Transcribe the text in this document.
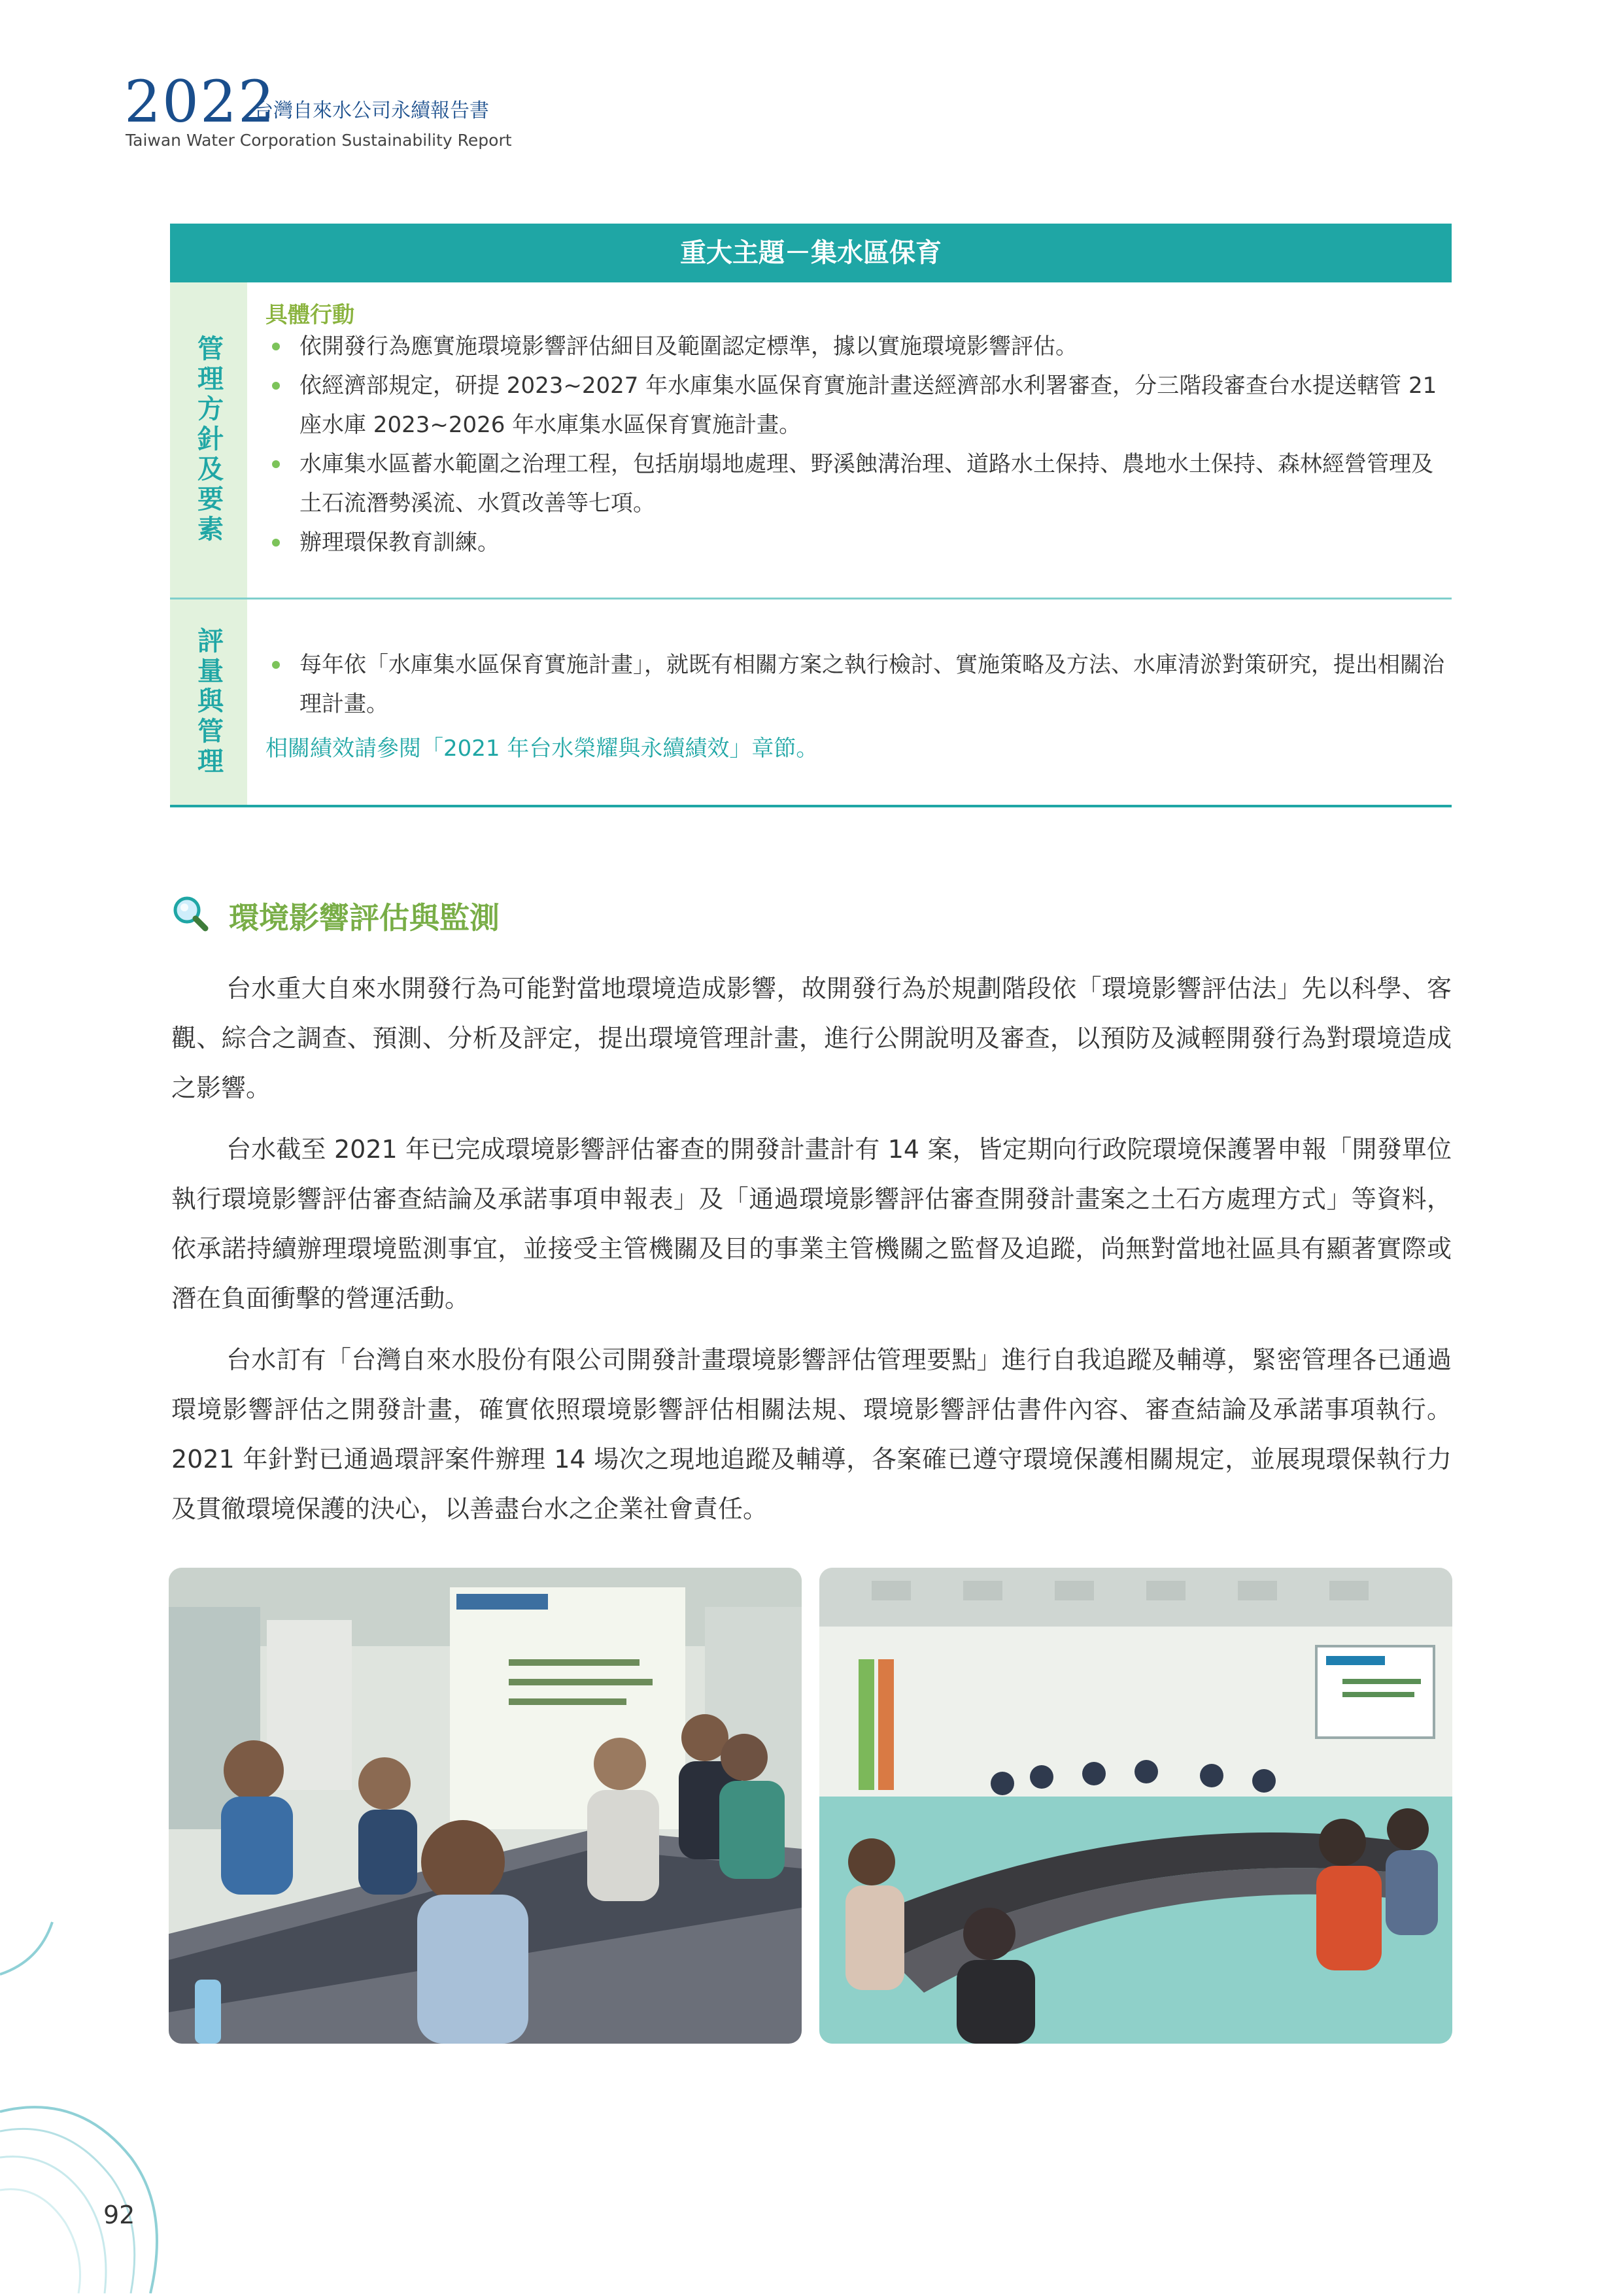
2022
台灣自來水公司永續報告書
Taiwan Water Corporation Sustainability Report
重大主題－集水區保育
管理方針及要素
具體行動
依開發行為應實施環境影響評估細目及範圍認定標準，據以實施環境影響評估。
依經濟部規定，研提 2023~2027 年水庫集水區保育實施計畫送經濟部水利署審查，分三階段審查台水提送轄管 21 座水庫 2023~2026 年水庫集水區保育實施計畫。
水庫集水區蓄水範圍之治理工程，包括崩塌地處理、野溪蝕溝治理、道路水土保持、農地水土保持、森林經營管理及土石流潛勢溪流、水質改善等七項。
辦理環保教育訓練。
評量與管理	每年依「水庫集水區保育實施計畫」，就既有相關方案之執行檢討、實施策略及方法、水庫清淤對策研究，提出相關治理計畫。
相關績效請參閱「2021 年台水榮耀與永續績效」章節。
環境影響評估與監測

台水重大自來水開發行為可能對當地環境造成影響，故開發行為於規劃階段依「環境影響評估法」先以科學、客觀、綜合之調查、預測、分析及評定，提出環境管理計畫，進行公開說明及審查，以預防及減輕開發行為對環境造成之影響。

台水截至 2021 年已完成環境影響評估審查的開發計畫計有 14 案，皆定期向行政院環境保護署申報「開發單位執行環境影響評估審查結論及承諾事項申報表」及「通過環境影響評估審查開發計畫案之土石方處理方式」等資料，依承諾持續辦理環境監測事宜，並接受主管機關及目的事業主管機關之監督及追蹤，尚無對當地社區具有顯著實際或潛在負面衝擊的營運活動。

台水訂有「台灣自來水股份有限公司開發計畫環境影響評估管理要點」進行自我追蹤及輔導，緊密管理各已通過環境影響評估之開發計畫，確實依照環境影響評估相關法規、環境影響評估書件內容、審查結論及承諾事項執行。2021 年針對已通過環評案件辦理 14 場次之現地追蹤及輔導，各案確已遵守環境保護相關規定，並展現環保執行力及貫徹環境保護的決心，以善盡台水之企業社會責任。

92
